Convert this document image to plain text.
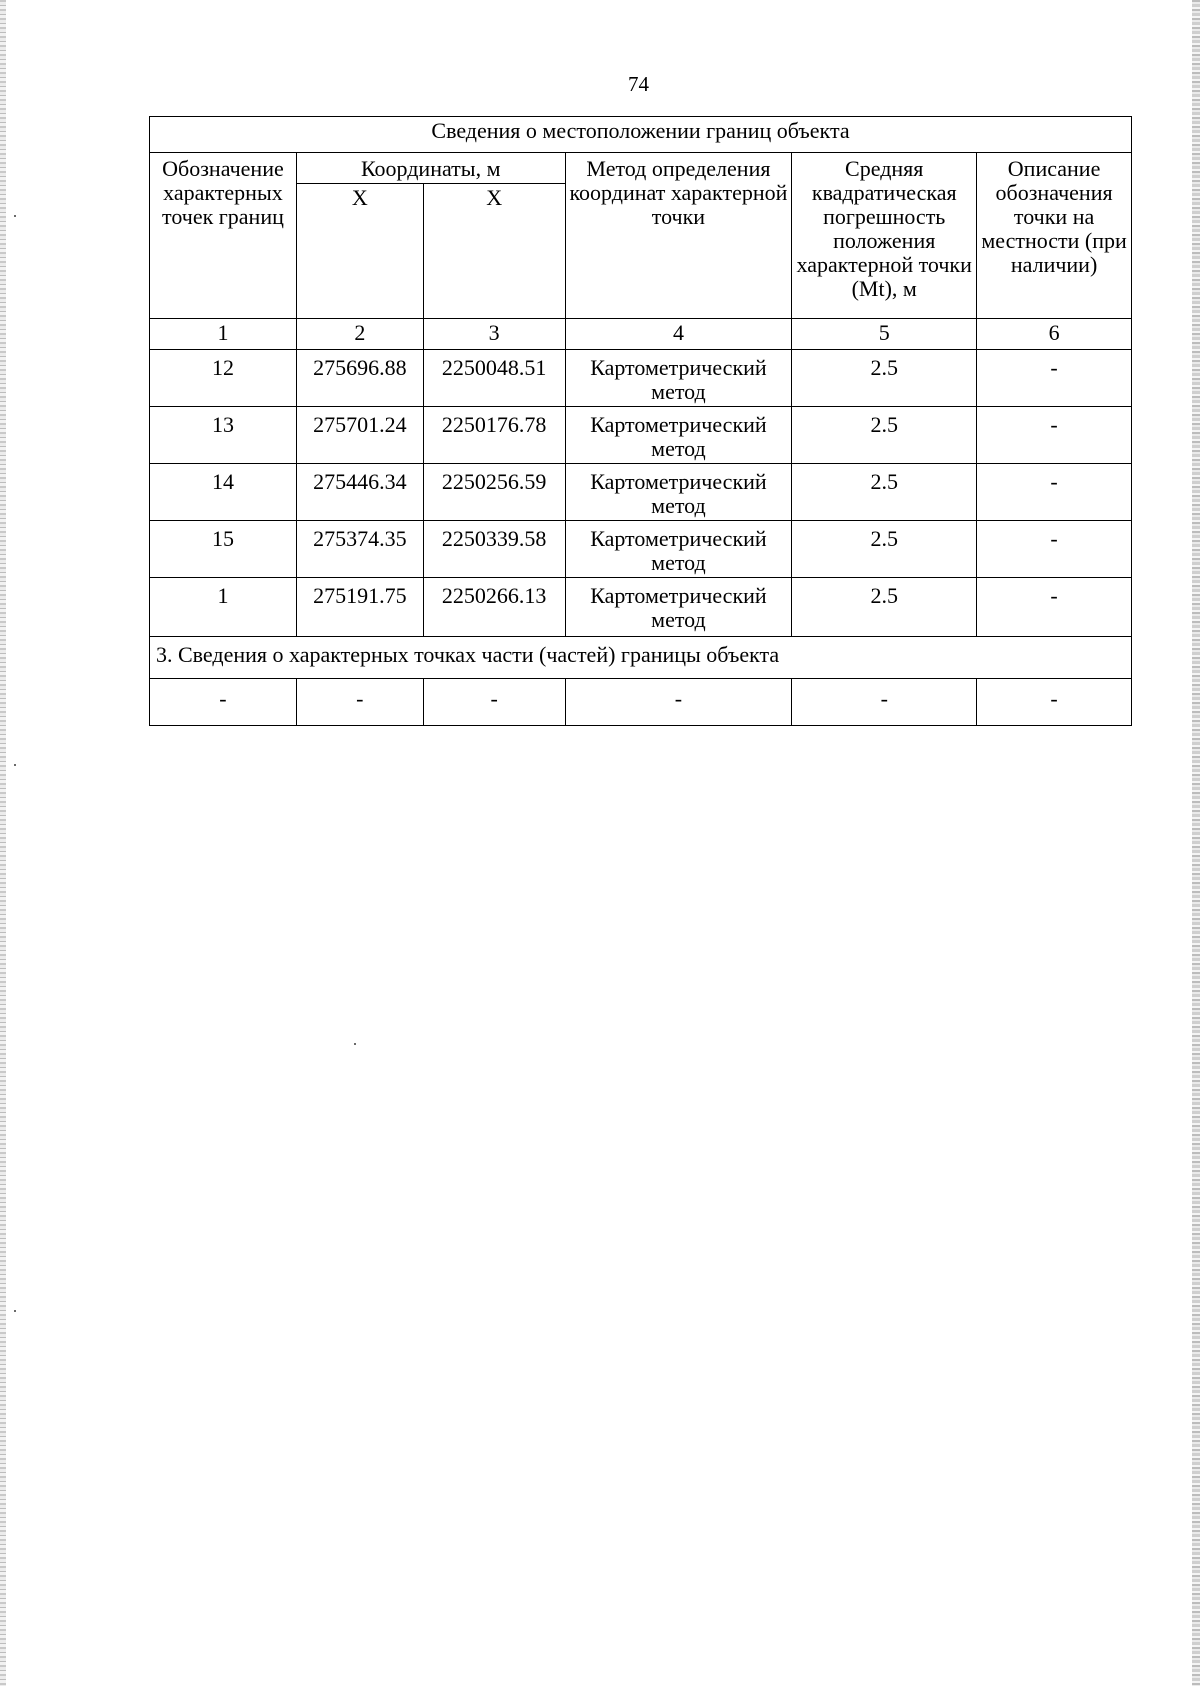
74
Сведения о местоположении границ объекта					
Обозначение характерных точек границ	Координаты, м		Метод определения координат характерной точки	Средняя квадратическая погрешность положения характерной точки (Mt), м	Описание обозначения точки на местности (при наличии)
	X	Х			
1	2	3	4	5	6
12	275696.88	2250048.51	Картометрический метод	2.5	-
13	275701.24	2250176.78	Картометрический метод	2.5	-
14	275446.34	2250256.59	Картометрический метод	2.5	-
15	275374.35	2250339.58	Картометрический метод	2.5	-
1	275191.75	2250266.13	Картометрический метод	2.5	-
3. Сведения о характерных точках части (частей) границы объекта					
-	-	-	-	-	-
